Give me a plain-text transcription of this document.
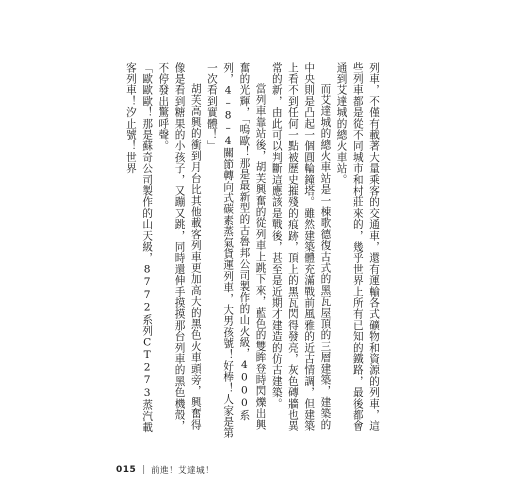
列車，不僅有載著大量乘客的交通車，還有運輸各式礦物和資源的列車，這些列車都是從不同城市和村莊來的，幾乎世界上所有已知的鐵路，最後都會通到艾達城的總火車站。

而艾達城的總火車站是一棟歌德復古式的黑瓦屋頂的三層建築，建築的中央則是凸起一個圓輪鐘塔。雖然建築體充滿戰前風雅的近古情調，但建築上看不到任何一點被歷史摧殘的痕跡，頂上的黑瓦閃得發亮，灰色磚牆也異常的新，由此可以判斷這應該是戰後，甚至是近期才建造的仿古建築。

當列車靠站後，胡芙興奮的從列車上跳下來，藍色的雙眸登時閃爍出興奮的光輝，「嗚歐！那是最新型的古魯邦公司製作的山火級，4000系列，4–8–4關節轉向式碳素蒸氣貨運列車，大男孩號！好棒！人家是第一次看到實體！」

胡芙高興的衝到月台比其他載客列車更加高大的黑色火車頭旁，興奮得像是看到糖果的小孩子，又蹦又跳，同時還伸手摸摸那台列車的黑色機殼，不停發出驚呼聲。

「歐歐歐！那是蘇奇公司製作的山天級，8772系列CT273蒸汽載客列車！汐止號！世界

015 | 前進！艾達城！
